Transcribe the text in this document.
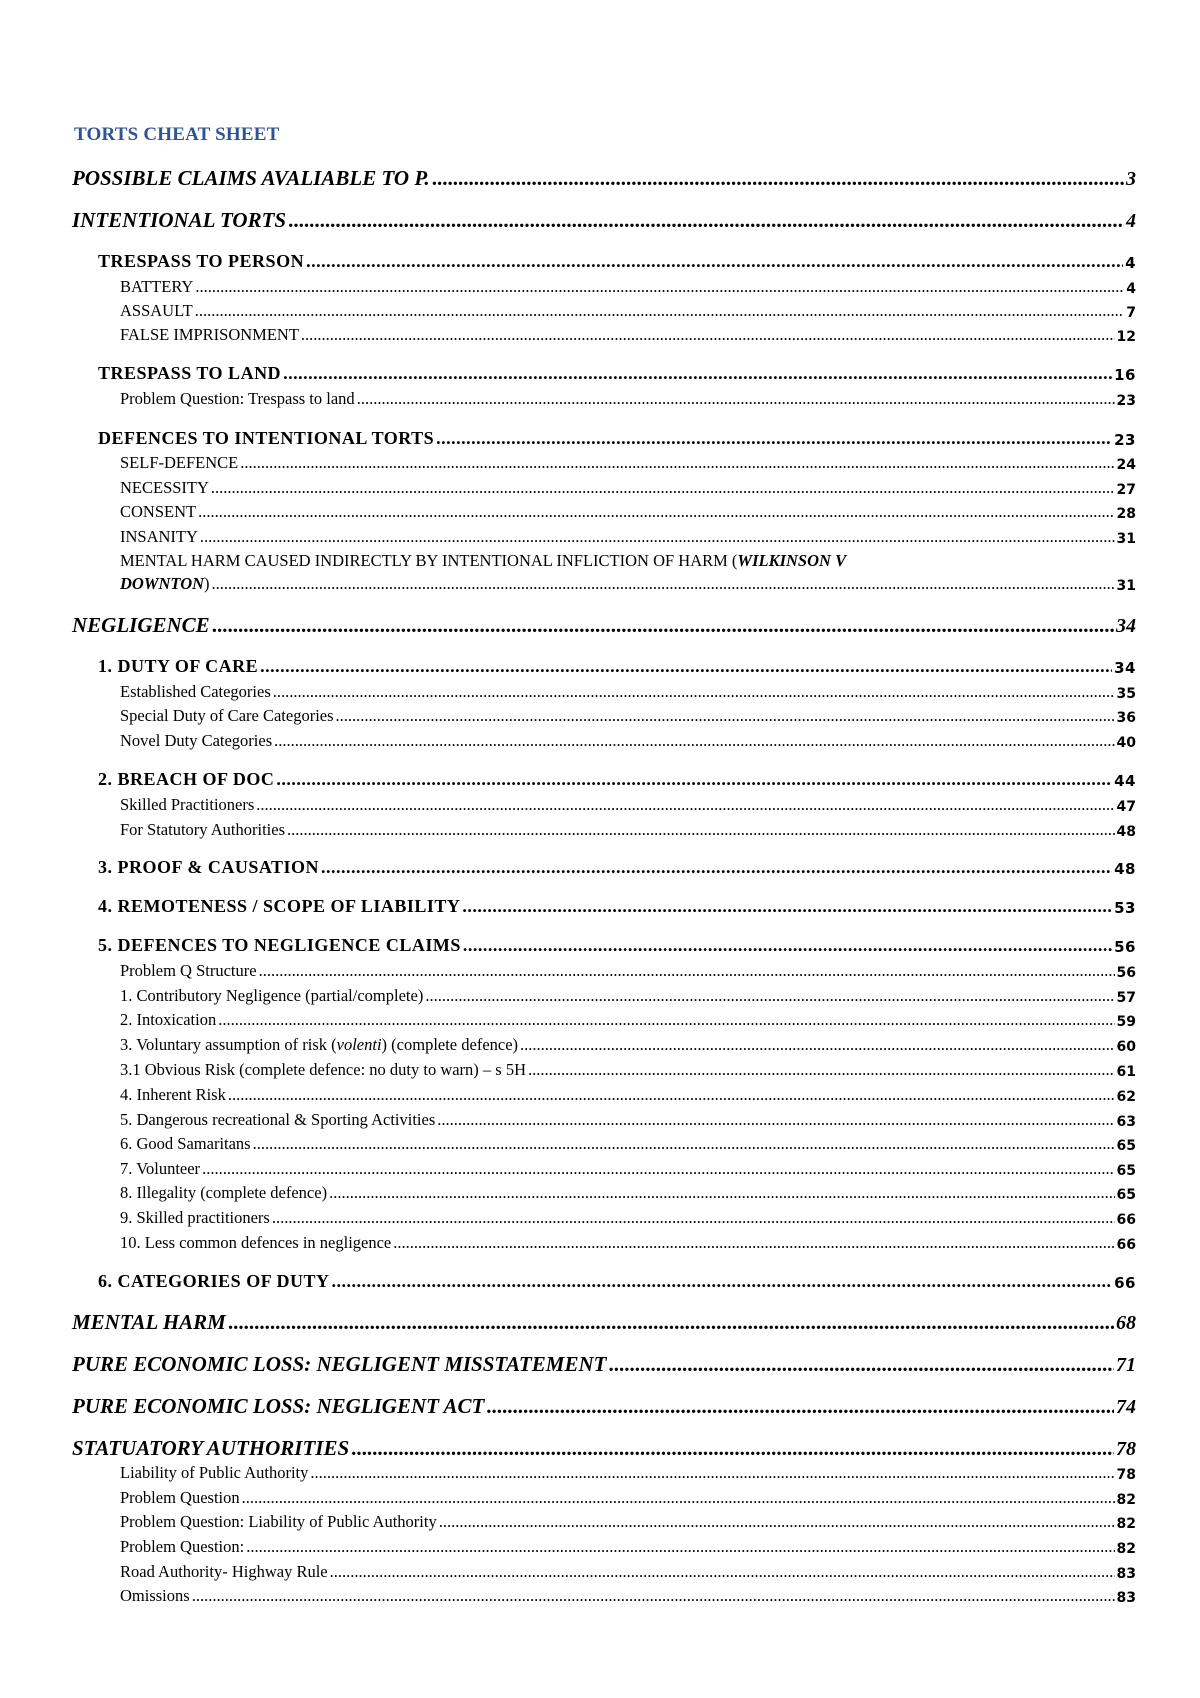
TORTS CHEAT SHEET
POSSIBLE CLAIMS AVALIABLE TO P. .....	3
INTENTIONAL TORTS .....	4
TRESPASS TO PERSON .....	4
BATTERY .....	4
ASSAULT .....	7
FALSE IMPRISONMENT .....	12
TRESPASS TO LAND .....	16
Problem Question: Trespass to land .....	23
DEFENCES TO INTENTIONAL TORTS .....	23
SELF-DEFENCE .....	24
NECESSITY .....	27
CONSENT .....	28
INSANITY .....	31
MENTAL HARM CAUSED INDIRECTLY BY INTENTIONAL INFLICTION OF HARM (WILKINSON V
DOWNTON) .....	31
NEGLIGENCE .....	34
1. DUTY OF CARE .....	34
Established Categories .....	35
Special Duty of Care Categories .....	36
Novel Duty Categories .....	40
2. BREACH OF DOC .....	44
Skilled Practitioners .....	47
For Statutory Authorities .....	48
3. PROOF & CAUSATION .....	48
4. REMOTENESS / SCOPE OF LIABILITY .....	53
5. DEFENCES TO NEGLIGENCE CLAIMS .....	56
Problem Q Structure .....	56
1. Contributory Negligence (partial/complete) .....	57
2. Intoxication .....	59
3. Voluntary assumption of risk (volenti) (complete defence) .....	60
3.1 Obvious Risk (complete defence: no duty to warn) – s 5H .....	61
4. Inherent Risk .....	62
5. Dangerous recreational & Sporting Activities .....	63
6. Good Samaritans .....	65
7. Volunteer .....	65
8. Illegality (complete defence) .....	65
9. Skilled practitioners .....	66
10. Less common defences in negligence .....	66
6. CATEGORIES OF DUTY .....	66
MENTAL HARM .....	68
PURE ECONOMIC LOSS: NEGLIGENT MISSTATEMENT .....	71
PURE ECONOMIC LOSS: NEGLIGENT ACT .....	74
STATUATORY AUTHORITIES .....	78
Liability of Public Authority .....	78
Problem Question .....	82
Problem Question: Liability of Public Authority .....	82
Problem Question: .....	82
Road Authority- Highway Rule .....	83
Omissions .....	83
